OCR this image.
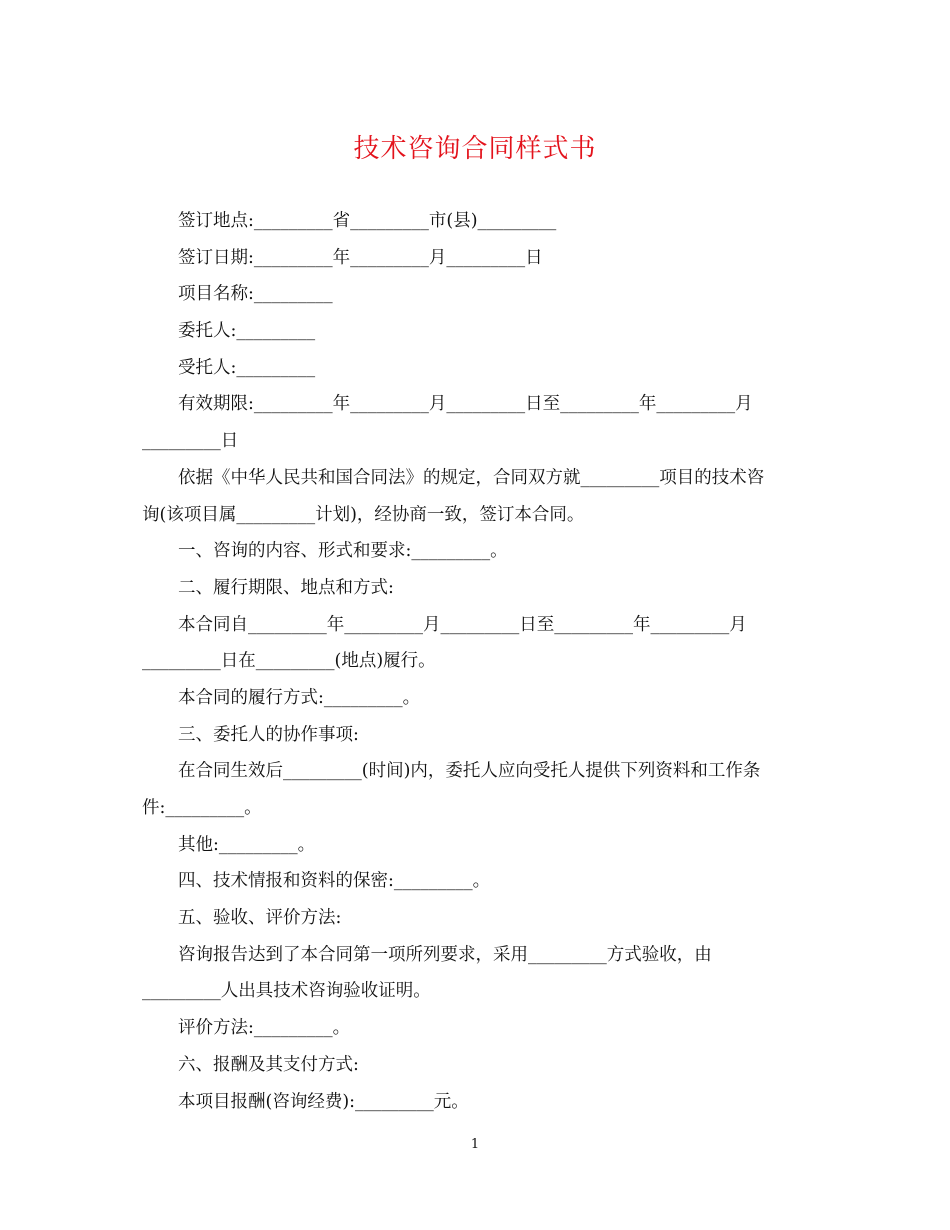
技术咨询合同样式书
签订地点:_________省_________市(县)_________
签订日期:_________年_________月_________日
项目名称:_________
委托人:_________
受托人:_________
有效期限:_________年_________月_________日至_________年_________月
_________日
依据《中华人民共和国合同法》的规定，合同双方就_________项目的技术咨
询(该项目属_________计划)，经协商一致，签订本合同。
一、咨询的内容、形式和要求:_________。
二、履行期限、地点和方式:
本合同自_________年_________月_________日至_________年_________月
_________日在_________(地点)履行。
本合同的履行方式:_________。
三、委托人的协作事项:
在合同生效后_________(时间)内，委托人应向受托人提供下列资料和工作条
件:_________。
其他:_________。
四、技术情报和资料的保密:_________。
五、验收、评价方法:
咨询报告达到了本合同第一项所列要求，采用_________方式验收，由
_________人出具技术咨询验收证明。
评价方法:_________。
六、报酬及其支付方式:
本项目报酬(咨询经费):_________元。
1
